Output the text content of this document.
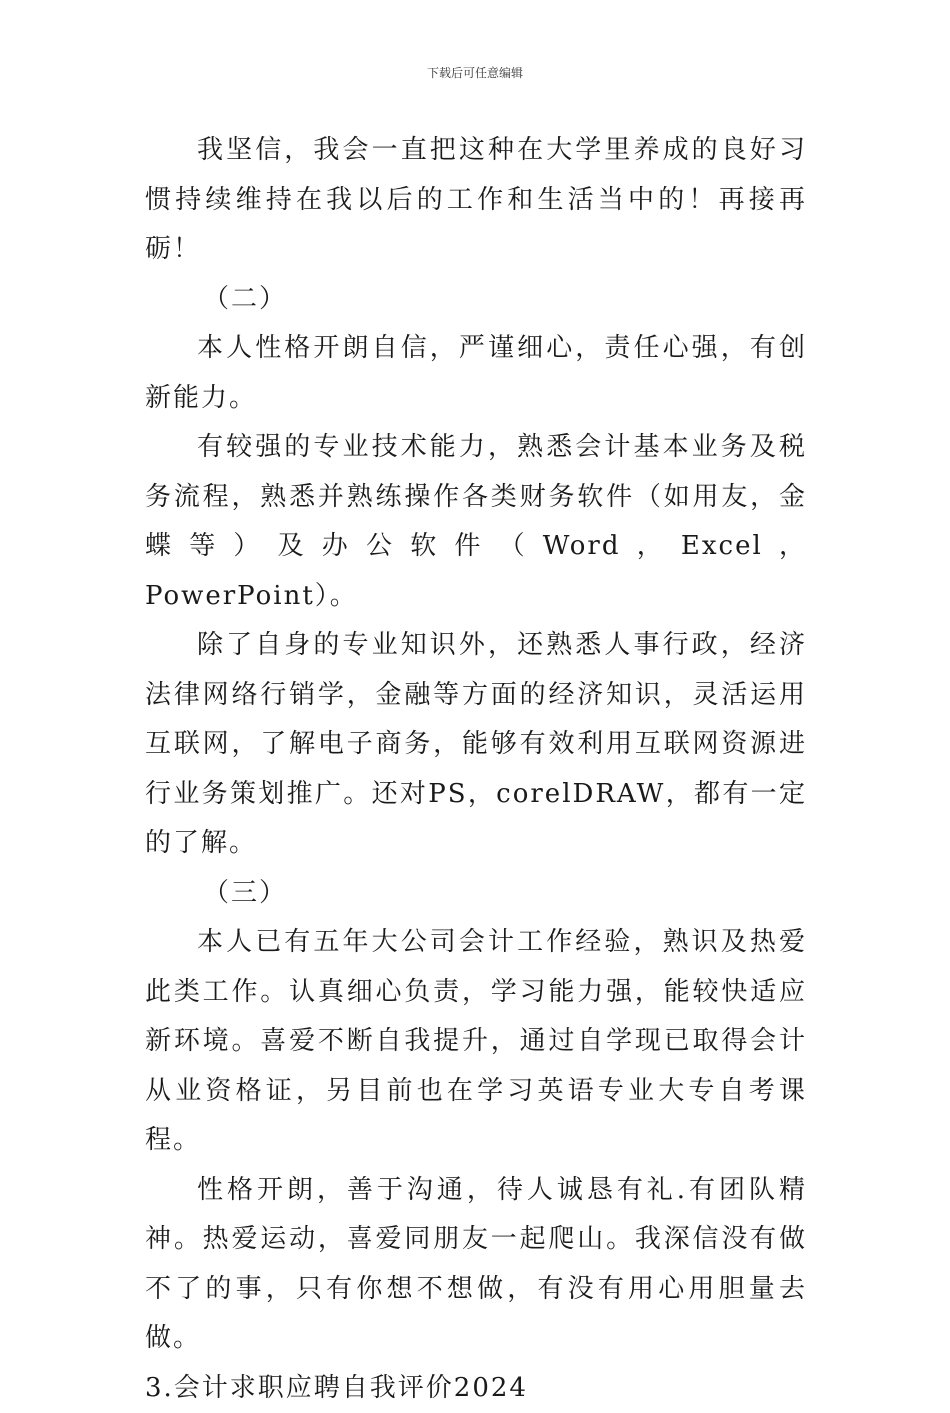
下载后可任意编辑

我坚信，我会一直把这种在大学里养成的良好习惯持续维持在我以后的工作和生活当中的！再接再砺！

（二）

本人性格开朗自信，严谨细心，责任心强，有创新能力。

有较强的专业技术能力，熟悉会计基本业务及税务流程，熟悉并熟练操作各类财务软件（如用友，金蝶等）及办公软件（Word，Excel，PowerPoint）。

除了自身的专业知识外，还熟悉人事行政，经济法律网络行销学，金融等方面的经济知识，灵活运用互联网，了解电子商务，能够有效利用互联网资源进行业务策划推广。还对PS，corelDRAW，都有一定的了解。

（三）

本人已有五年大公司会计工作经验，熟识及热爱此类工作。认真细心负责，学习能力强，能较快适应新环境。喜爱不断自我提升，通过自学现已取得会计从业资格证，另目前也在学习英语专业大专自考课程。

性格开朗，善于沟通，待人诚恳有礼.有团队精神。热爱运动，喜爱同朋友一起爬山。我深信没有做不了的事，只有你想不想做，有没有用心用胆量去做。

3.会计求职应聘自我评价2024
